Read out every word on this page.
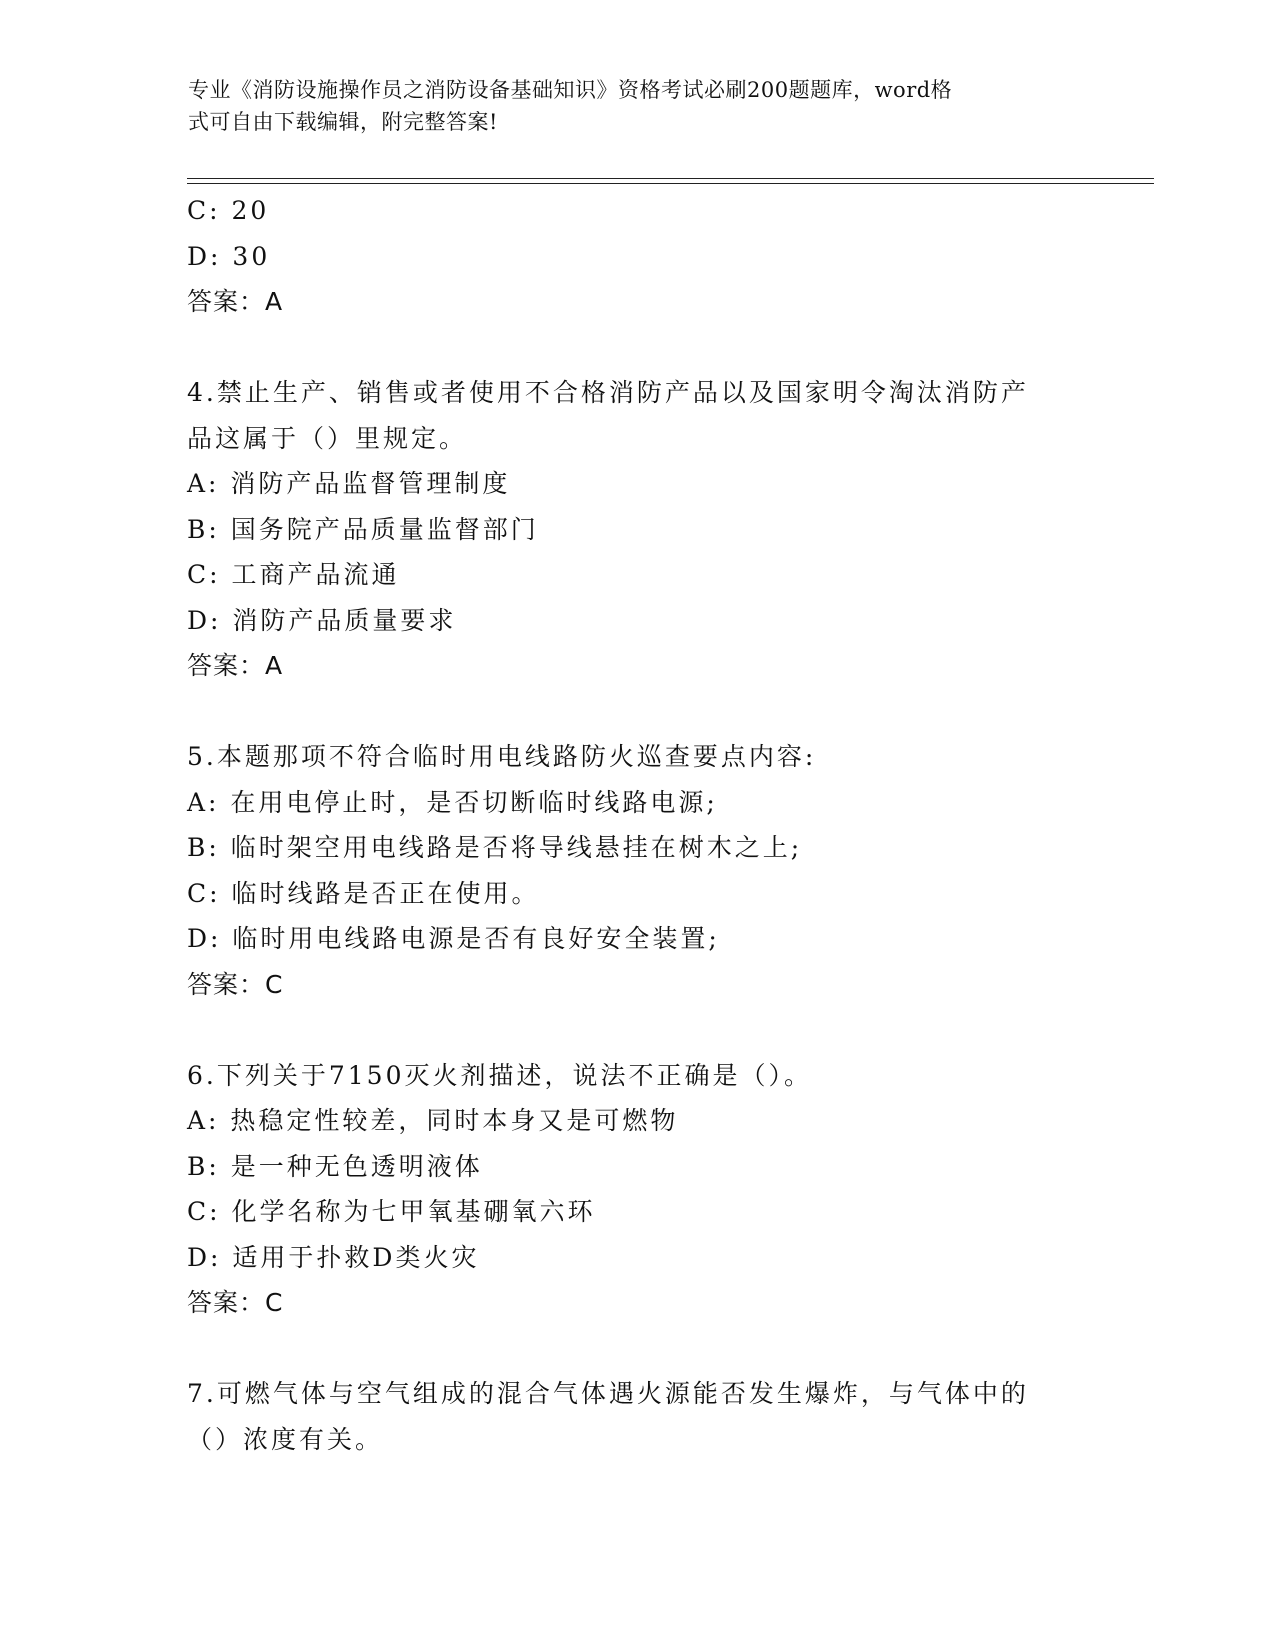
专业《消防设施操作员之消防设备基础知识》资格考试必刷200题题库，word格
式可自由下载编辑，附完整答案!
C: 20
D: 30
答案：A
4.禁止生产、销售或者使用不合格消防产品以及国家明令淘汰消防产
品这属于（）里规定。
A: 消防产品监督管理制度
B: 国务院产品质量监督部门
C: 工商产品流通
D: 消防产品质量要求
答案：A
5.本题那项不符合临时用电线路防火巡查要点内容:
A: 在用电停止时，是否切断临时线路电源;
B: 临时架空用电线路是否将导线悬挂在树木之上;
C: 临时线路是否正在使用。
D: 临时用电线路电源是否有良好安全装置;
答案：C
6.下列关于7150灭火剂描述，说法不正确是（）。
A: 热稳定性较差，同时本身又是可燃物
B: 是一种无色透明液体
C: 化学名称为七甲氧基硼氧六环
D: 适用于扑救D类火灾
答案：C
7.可燃气体与空气组成的混合气体遇火源能否发生爆炸，与气体中的
（）浓度有关。
